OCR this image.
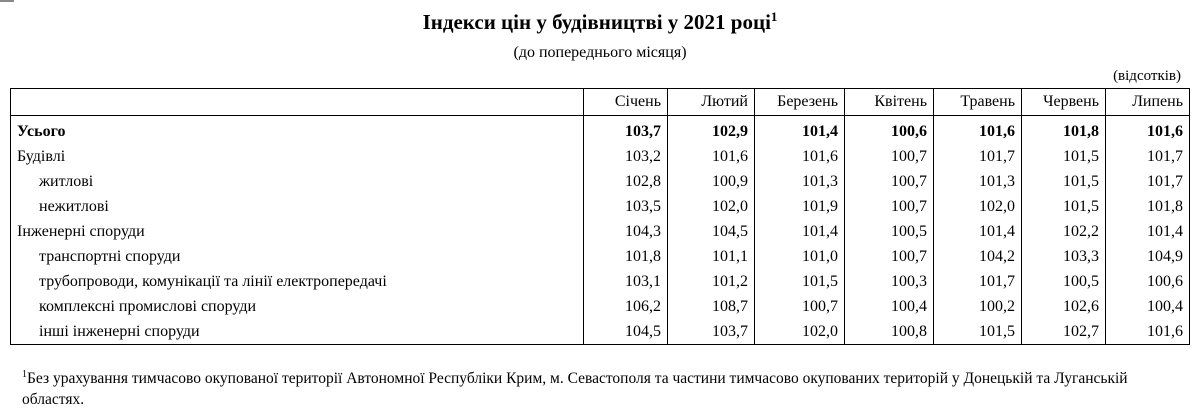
Індекси цін у будівництві у 2021 році$^1$
(до попереднього місяця)
(відсотків)
	Січень	Лютий	Березень	Квітень	Травень	Червень	Липень
Усього	103,7	102,9	101,4	100,6	101,6	101,8	101,6
Будівлі	103,2	101,6	101,6	100,7	101,7	101,5	101,7
житлові	102,8	100,9	101,3	100,7	101,3	101,5	101,7
нежитлові	103,5	102,0	101,9	100,7	102,0	101,5	101,8
Інженерні споруди	104,3	104,5	101,4	100,5	101,4	102,2	101,4
транспортні споруди	101,8	101,1	101,0	100,7	104,2	103,3	104,9
трубопроводи, комунікації та лінії електропередачі	103,1	101,2	101,5	100,3	101,7	100,5	100,6
комплексні промислові споруди	106,2	108,7	100,7	100,4	100,2	102,6	100,4
інші інженерні споруди	104,5	103,7	102,0	100,8	101,5	102,7	101,6
$^1$Без урахування тимчасово окупованої території Автономної Республіки Крим, м. Севастополя та частини тимчасово окупованих територій у Донецькій та Луганській областях.
